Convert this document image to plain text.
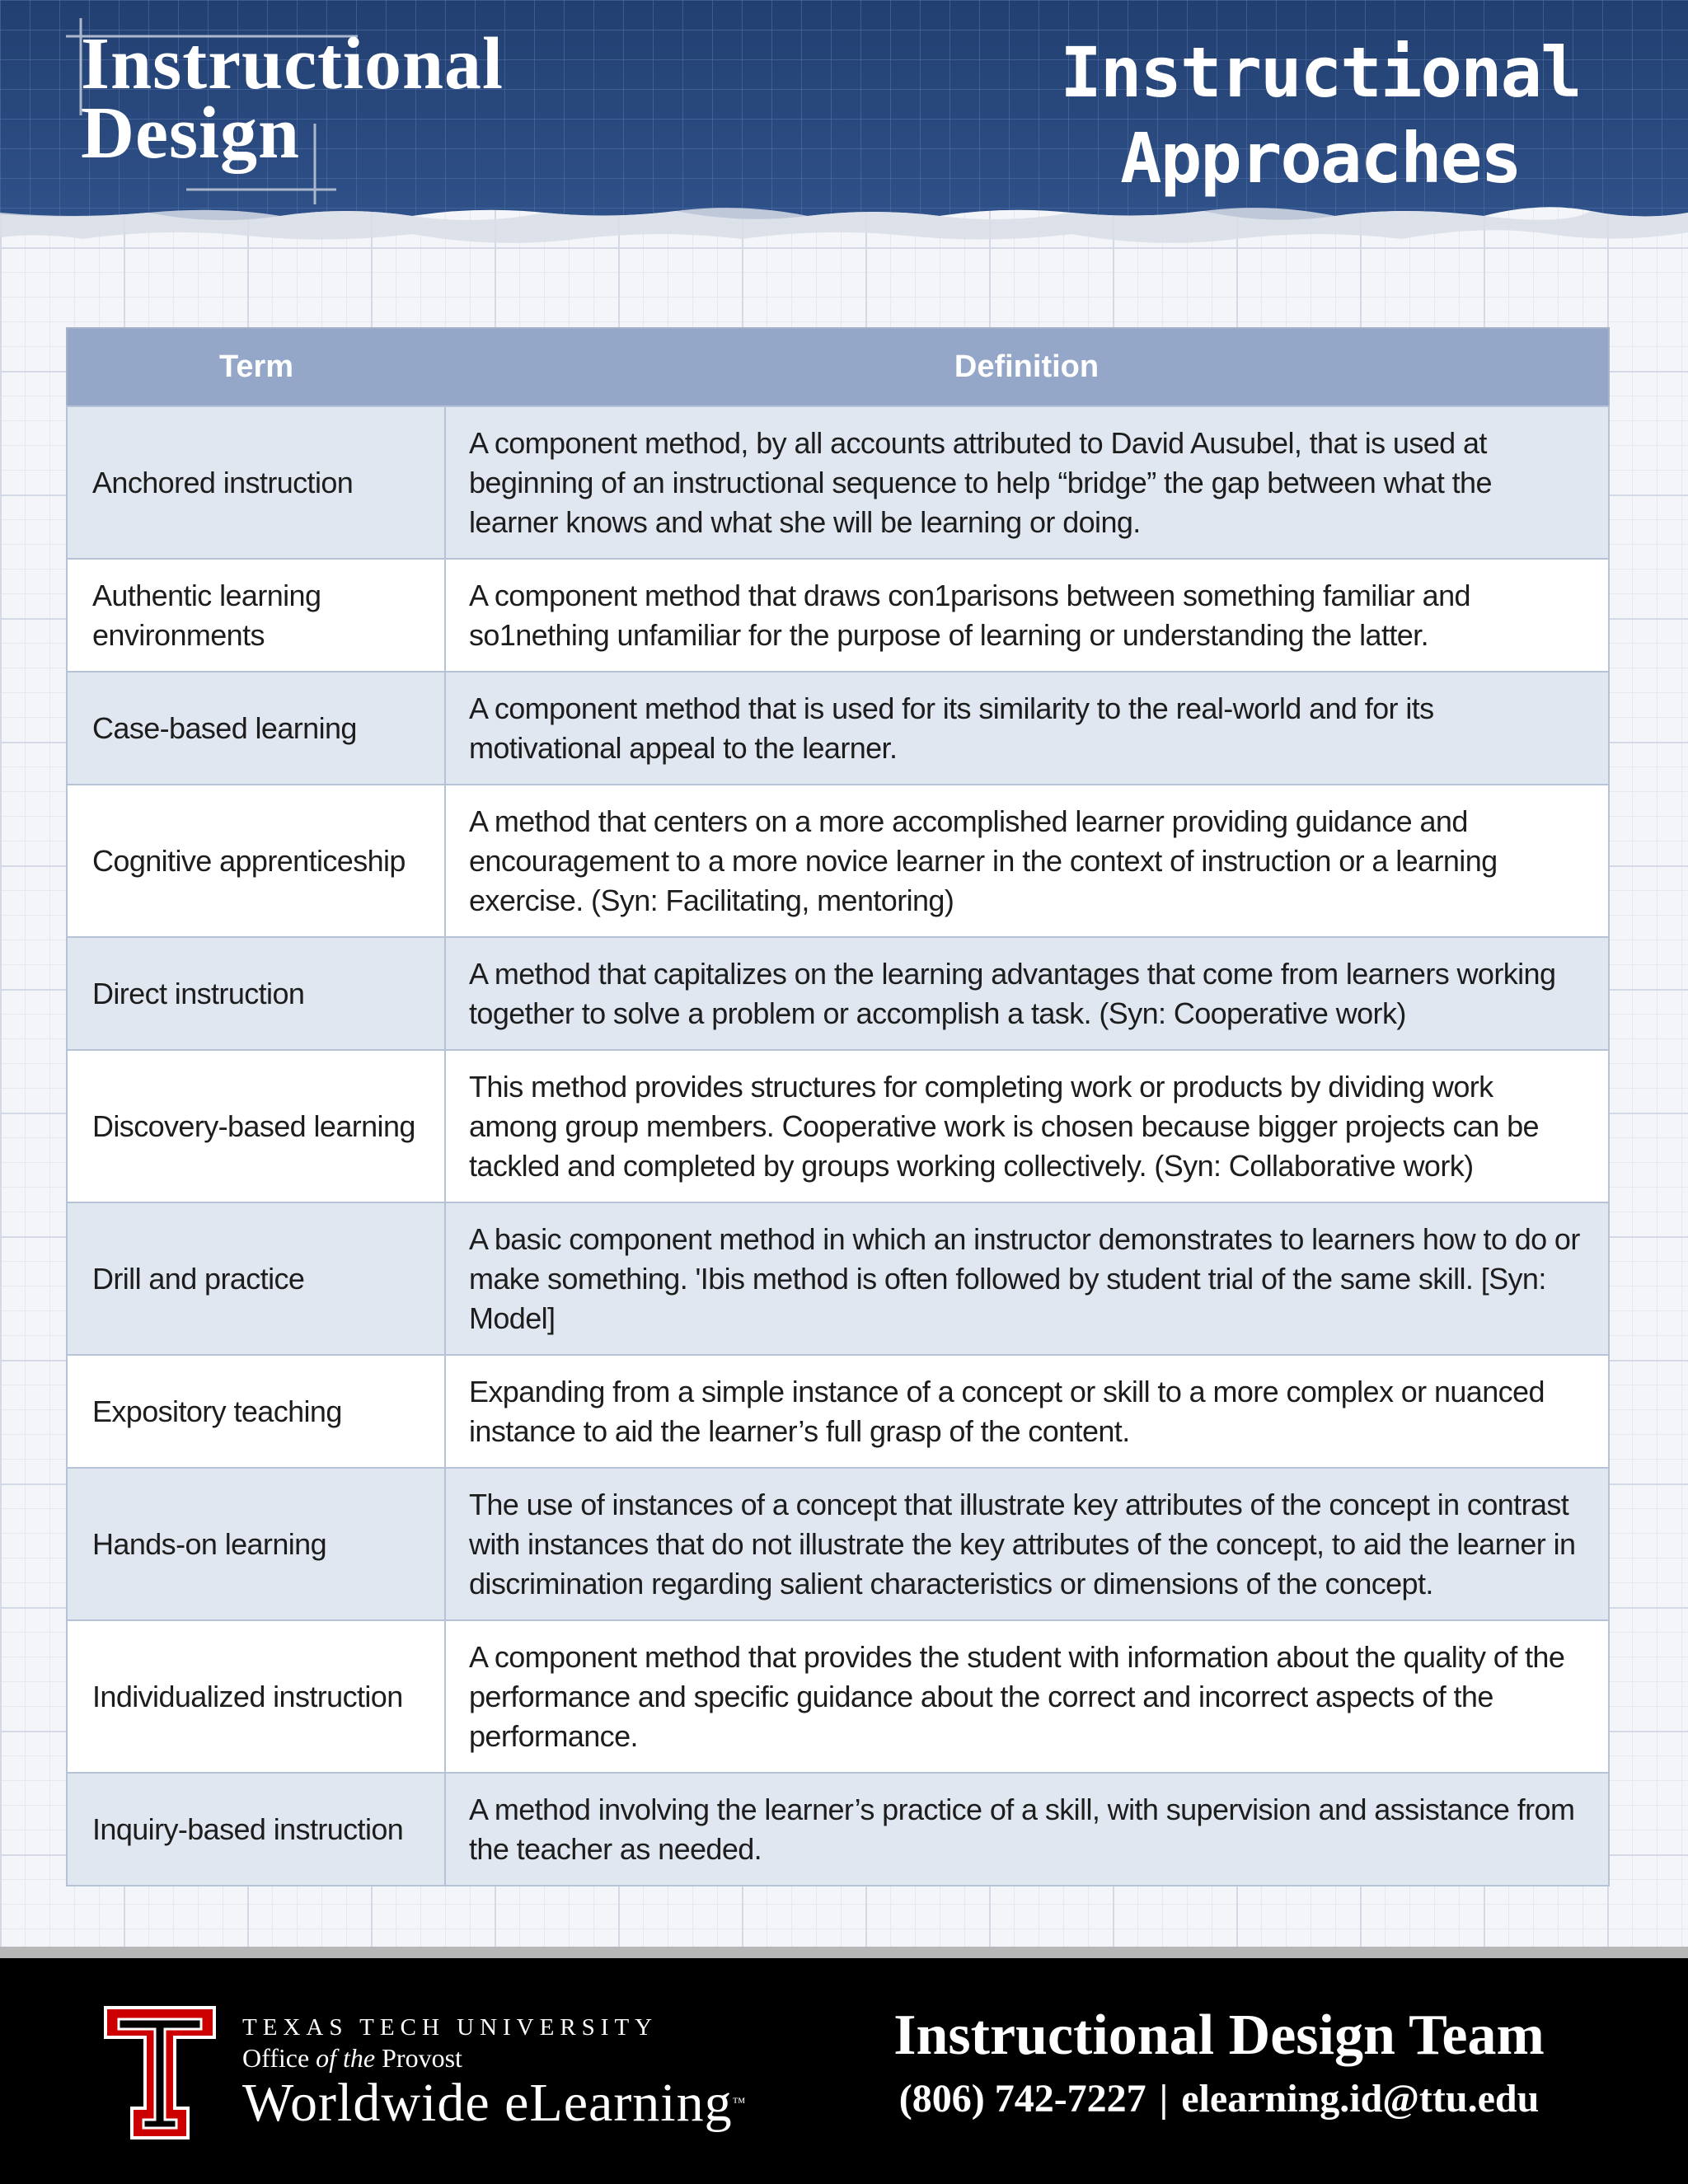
Instructional
Design
Instructional
Approaches
Term	Definition
Anchored instruction	A component method, by all accounts attributed to David Ausubel, that is used at beginning of an instructional sequence to help “bridge” the gap between what the learner knows and what she will be learning or doing.
Authentic learning environments	A component method that draws con1parisons between something familiar and so1nething unfamiliar for the purpose of learning or understanding the latter.
Case-based learning	A component method that is used for its similarity to the real-world and for its motivational appeal to the learner.
Cognitive apprenticeship	A method that centers on a more accomplished learner providing guidance and encouragement to a more novice learner in the context of instruction or a learning exercise. (Syn: Facilitating, mentoring)
Direct instruction	A method that capitalizes on the learning advantages that come from learners working together to solve a problem or accomplish a task. (Syn: Cooperative work)
Discovery-based learning	This method provides structures for completing work or products by dividing work among group members. Cooperative work is chosen because bigger projects can be tackled and completed by groups working collectively. (Syn: Collaborative work)
Drill and practice	A basic component method in which an instructor demonstrates to learners how to do or make something. 'Ibis method is often followed by student trial of the same skill. [Syn: Model]
Expository teaching	Expanding from a simple instance of a concept or skill to a more complex or nuanced instance to aid the learner’s full grasp of the content.
Hands-on learning	The use of instances of a concept that illustrate key attributes of the concept in contrast with instances that do not illustrate the key attributes of the concept, to aid the learner in discrimination regarding salient characteristics or dimensions of the concept.
Individualized instruction	A component method that provides the student with information about the quality of the performance and specific guidance about the correct and incorrect aspects of the performance.
Inquiry-based instruction	A method involving the learner’s practice of a skill, with supervision and assistance from the teacher as needed.
TEXAS TECH UNIVERSITY
Office of the Provost
Worldwide eLearning™
Instructional Design Team
(806) 742-7227 | elearning.id@ttu.edu
